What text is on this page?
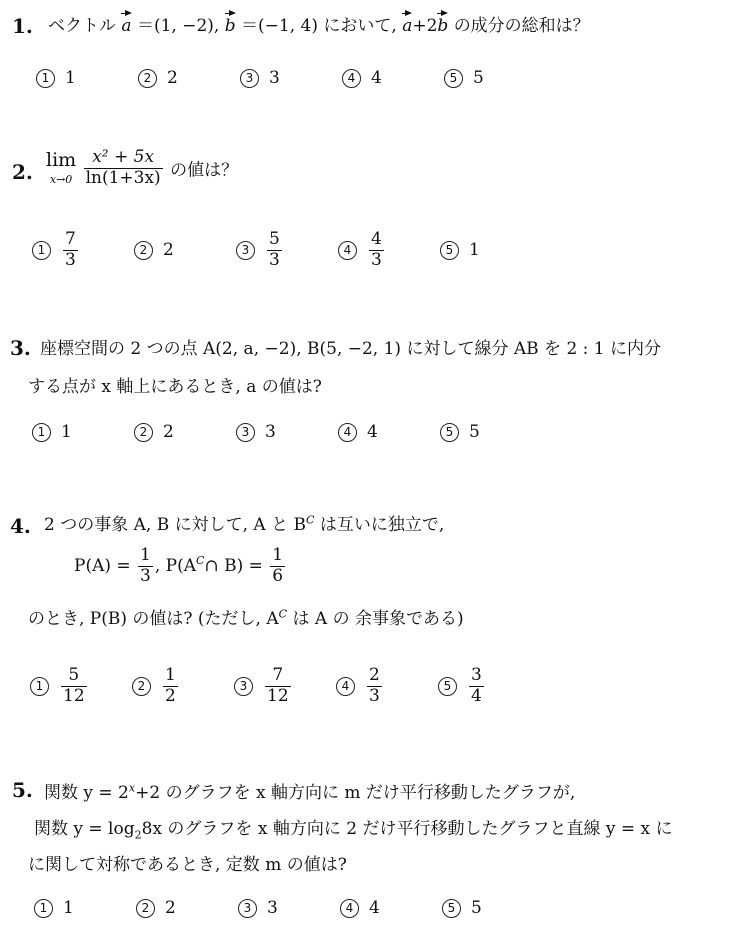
1. ベクトル a ＝(1, −2), b ＝(−1, 4) において, a+2b の成分の総和は？
1 1	2 2	3 3	4 4	5 5
2. lim
x→0
$\frac{\text{x² + 5x}}{\ln(1+3x)}$ の値は？
1	$\frac{7}{3}$	2 2	3	$\frac{5}{3}$	4	$\frac{4}{3}$	5 1
3. 座標空間の 2 つの点 A(2, a, −2), B(5, −2, 1) に対して線分 AB を 2 : 1 に内分
する点が x 軸上にあるとき, a の値は?
1 1	2 2	3 3	4 4	5 5
4. 2 つの事象 A, B に対して, A と $B^C$ は互いに独立で,
$P(A) = \frac{1}{3}$ , $P(A^C\cap$ $B) = \frac{1}{6}$
のとき, P(B) の値は? (ただし, $A^C$ は A の 余事象である)
1	$\frac{5}{12}$	2	$\frac{1}{2}$	3	$\frac{7}{12}$	4	$\frac{2}{3}$	5	$\frac{3}{4}$
5. 関数 $y = 2^x+2$ のグラフを x 軸方向に m だけ平行移動したグラフが,
関数 $y = \log_28x$ のグラフを x 軸方向に 2 だけ平行移動したグラフと直線 y = x に
に関して対称であるとき, 定数 m の値は?
1 1	2 2	3 3	4 4	5 5
